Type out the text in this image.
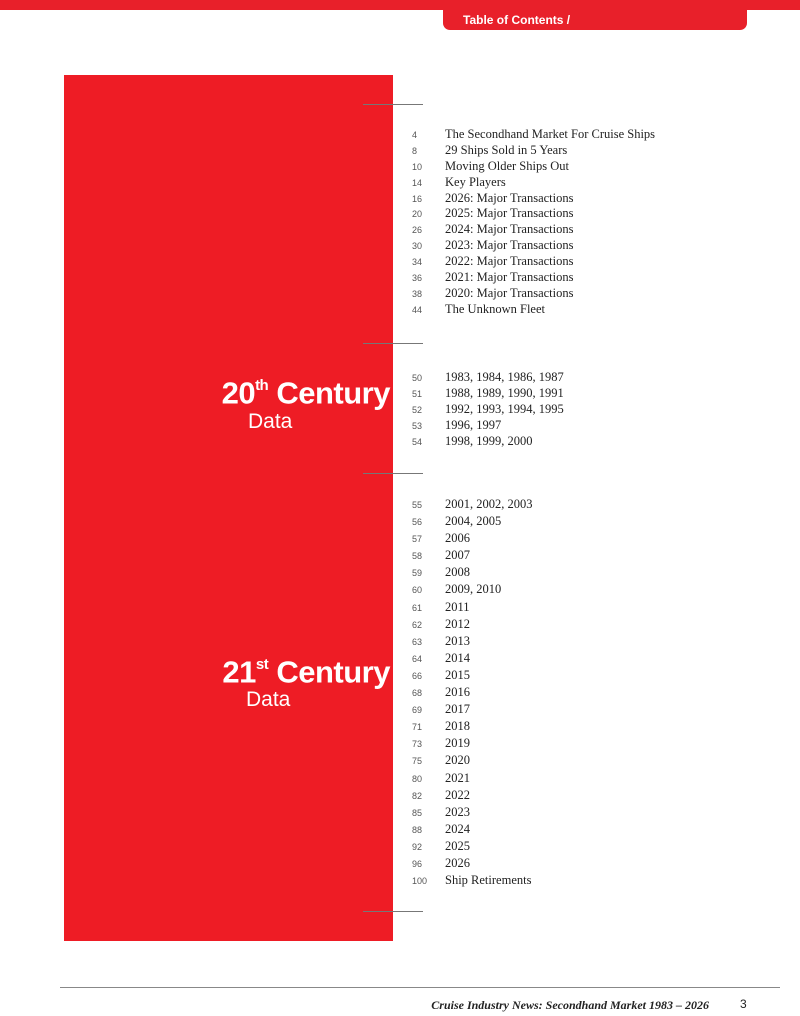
Table of Contents /
20th Century
Data
21st Century
Data
4	The Secondhand Market For Cruise Ships
8	29 Ships Sold in 5 Years
10	Moving Older Ships Out
14	Key Players
16	2026: Major Transactions
20	2025: Major Transactions
26	2024: Major Transactions
30	2023: Major Transactions
34	2022: Major Transactions
36	2021: Major Transactions
38	2020: Major Transactions
44	The Unknown Fleet
50	1983, 1984, 1986, 1987
51	1988, 1989, 1990, 1991
52	1992, 1993, 1994, 1995
53	1996, 1997
54	1998, 1999, 2000
55	2001, 2002, 2003
56	2004, 2005
57	2006
58	2007
59	2008
60	2009, 2010
61	2011
62	2012
63	2013
64	2014
66	2015
68	2016
69	2017
71	2018
73	2019
75	2020
80	2021
82	2022
85	2023
88	2024
92	2025
96	2026
100	Ship Retirements
Cruise Industry News: Secondhand Market 1983 – 2026	3
